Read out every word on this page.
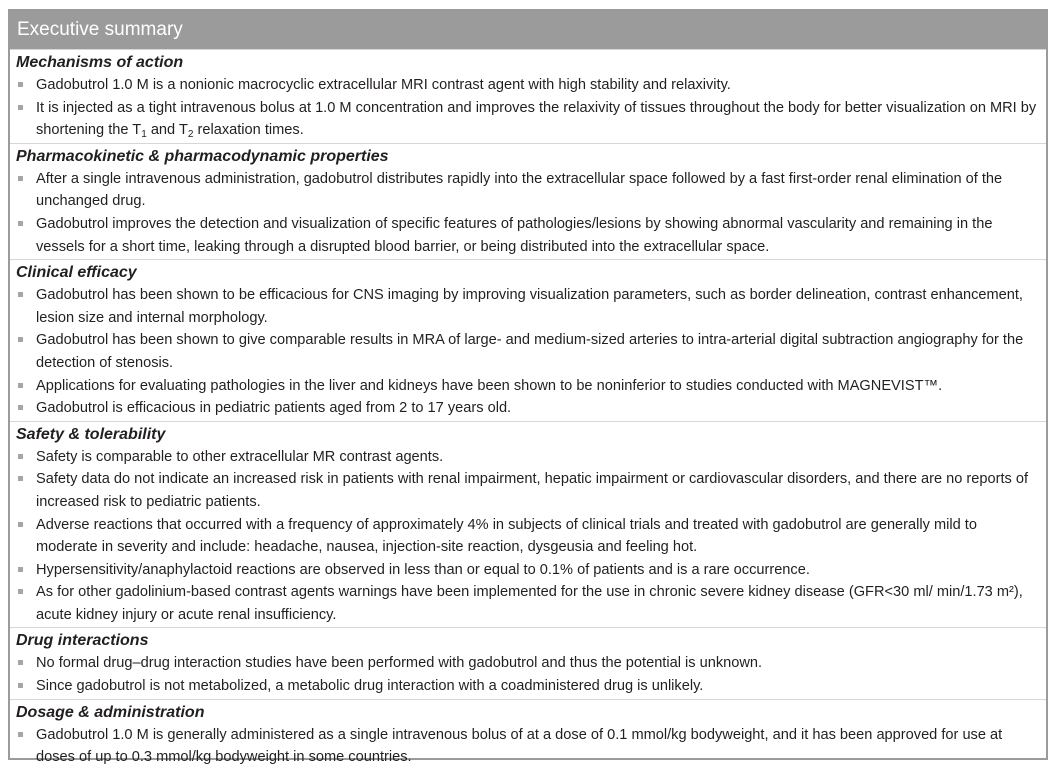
Executive summary
Mechanisms of action
Gadobutrol 1.0 M is a nonionic macrocyclic extracellular MRI contrast agent with high stability and relaxivity.
It is injected as a tight intravenous bolus at 1.0 M concentration and improves the relaxivity of tissues throughout the body for better visualization on MRI by shortening the $T_1$ and $T_2$ relaxation times.
Pharmacokinetic & pharmacodynamic properties
After a single intravenous administration, gadobutrol distributes rapidly into the extracellular space followed by a fast first-order renal elimination of the unchanged drug.
Gadobutrol improves the detection and visualization of specific features of pathologies/lesions by showing abnormal vascularity and remaining in the vessels for a short time, leaking through a disrupted blood barrier, or being distributed into the extracellular space.
Clinical efficacy
Gadobutrol has been shown to be efficacious for CNS imaging by improving visualization parameters, such as border delineation, contrast enhancement, lesion size and internal morphology.
Gadobutrol has been shown to give comparable results in MRA of large- and medium-sized arteries to intra-arterial digital subtraction angiography for the detection of stenosis.
Applications for evaluating pathologies in the liver and kidneys have been shown to be noninferior to studies conducted with MAGNEVIST™.
Gadobutrol is efficacious in pediatric patients aged from 2 to 17 years old.
Safety & tolerability
Safety is comparable to other extracellular MR contrast agents.
Safety data do not indicate an increased risk in patients with renal impairment, hepatic impairment or cardiovascular disorders, and there are no reports of increased risk to pediatric patients.
Adverse reactions that occurred with a frequency of approximately 4% in subjects of clinical trials and treated with gadobutrol are generally mild to moderate in severity and include: headache, nausea, injection-site reaction, dysgeusia and feeling hot.
Hypersensitivity/anaphylactoid reactions are observed in less than or equal to 0.1% of patients and is a rare occurrence.
As for other gadolinium-based contrast agents warnings have been implemented for the use in chronic severe kidney disease (GFR<30 ml/ min/1.73 m²), acute kidney injury or acute renal insufficiency.
Drug interactions
No formal drug–drug interaction studies have been performed with gadobutrol and thus the potential is unknown.
Since gadobutrol is not metabolized, a metabolic drug interaction with a coadministered drug is unlikely.
Dosage & administration
Gadobutrol 1.0 M is generally administered as a single intravenous bolus of at a dose of 0.1 mmol/kg bodyweight, and it has been approved for use at doses of up to 0.3 mmol/kg bodyweight in some countries.
